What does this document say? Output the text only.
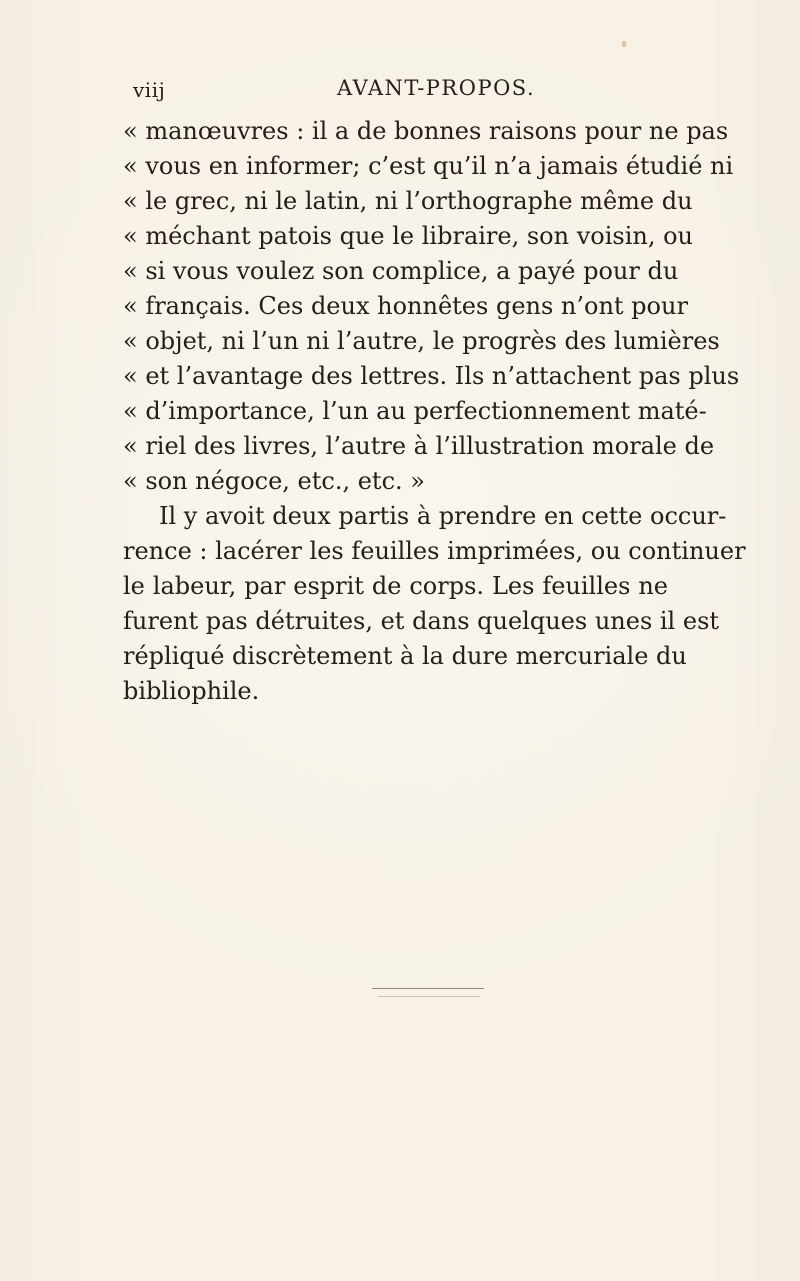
viij	AVANT-PROPOS.
« manœuvres : il a de bonnes raisons pour ne pas
« vous en informer; c’est qu’il n’a jamais étudié ni
« le grec, ni le latin, ni l’orthographe même du
« méchant patois que le libraire, son voisin, ou
« si vous voulez son complice, a payé pour du
« français. Ces deux honnêtes gens n’ont pour
« objet, ni l’un ni l’autre, le progrès des lumières
« et l’avantage des lettres. Ils n’attachent pas plus
« d’importance, l’un au perfectionnement maté-
« riel des livres, l’autre à l’illustration morale de
« son négoce, etc., etc. »
Il y avoit deux partis à prendre en cette occur-
rence : lacérer les feuilles imprimées, ou continuer
le labeur, par esprit de corps. Les feuilles ne
furent pas détruites, et dans quelques unes il est
répliqué discrètement à la dure mercuriale du
bibliophile.
